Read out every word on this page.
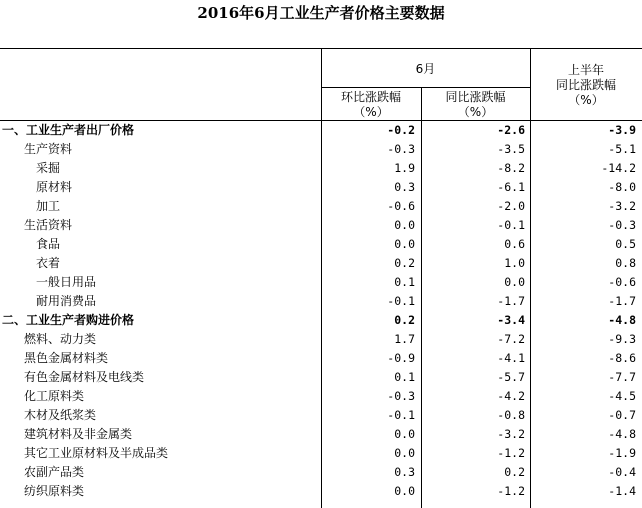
2016年6月工业生产者价格主要数据
6月
环比涨跌幅
（%）
同比涨跌幅
（%）
上半年
同比涨跌幅
（%）
一、工业生产者出厂价格	-0.2	-2.6	-3.9
生产资料	-0.3	-3.5	-5.1
采掘	1.9	-8.2	-14.2
原材料	0.3	-6.1	-8.0
加工	-0.6	-2.0	-3.2
生活资料	0.0	-0.1	-0.3
食品	0.0	0.6	0.5
衣着	0.2	1.0	0.8
一般日用品	0.1	0.0	-0.6
耐用消费品	-0.1	-1.7	-1.7
二、工业生产者购进价格	0.2	-3.4	-4.8
燃料、动力类	1.7	-7.2	-9.3
黑色金属材料类	-0.9	-4.1	-8.6
有色金属材料及电线类	0.1	-5.7	-7.7
化工原料类	-0.3	-4.2	-4.5
木材及纸浆类	-0.1	-0.8	-0.7
建筑材料及非金属类	0.0	-3.2	-4.8
其它工业原材料及半成品类	0.0	-1.2	-1.9
农副产品类	0.3	0.2	-0.4
纺织原料类	0.0	-1.2	-1.4
